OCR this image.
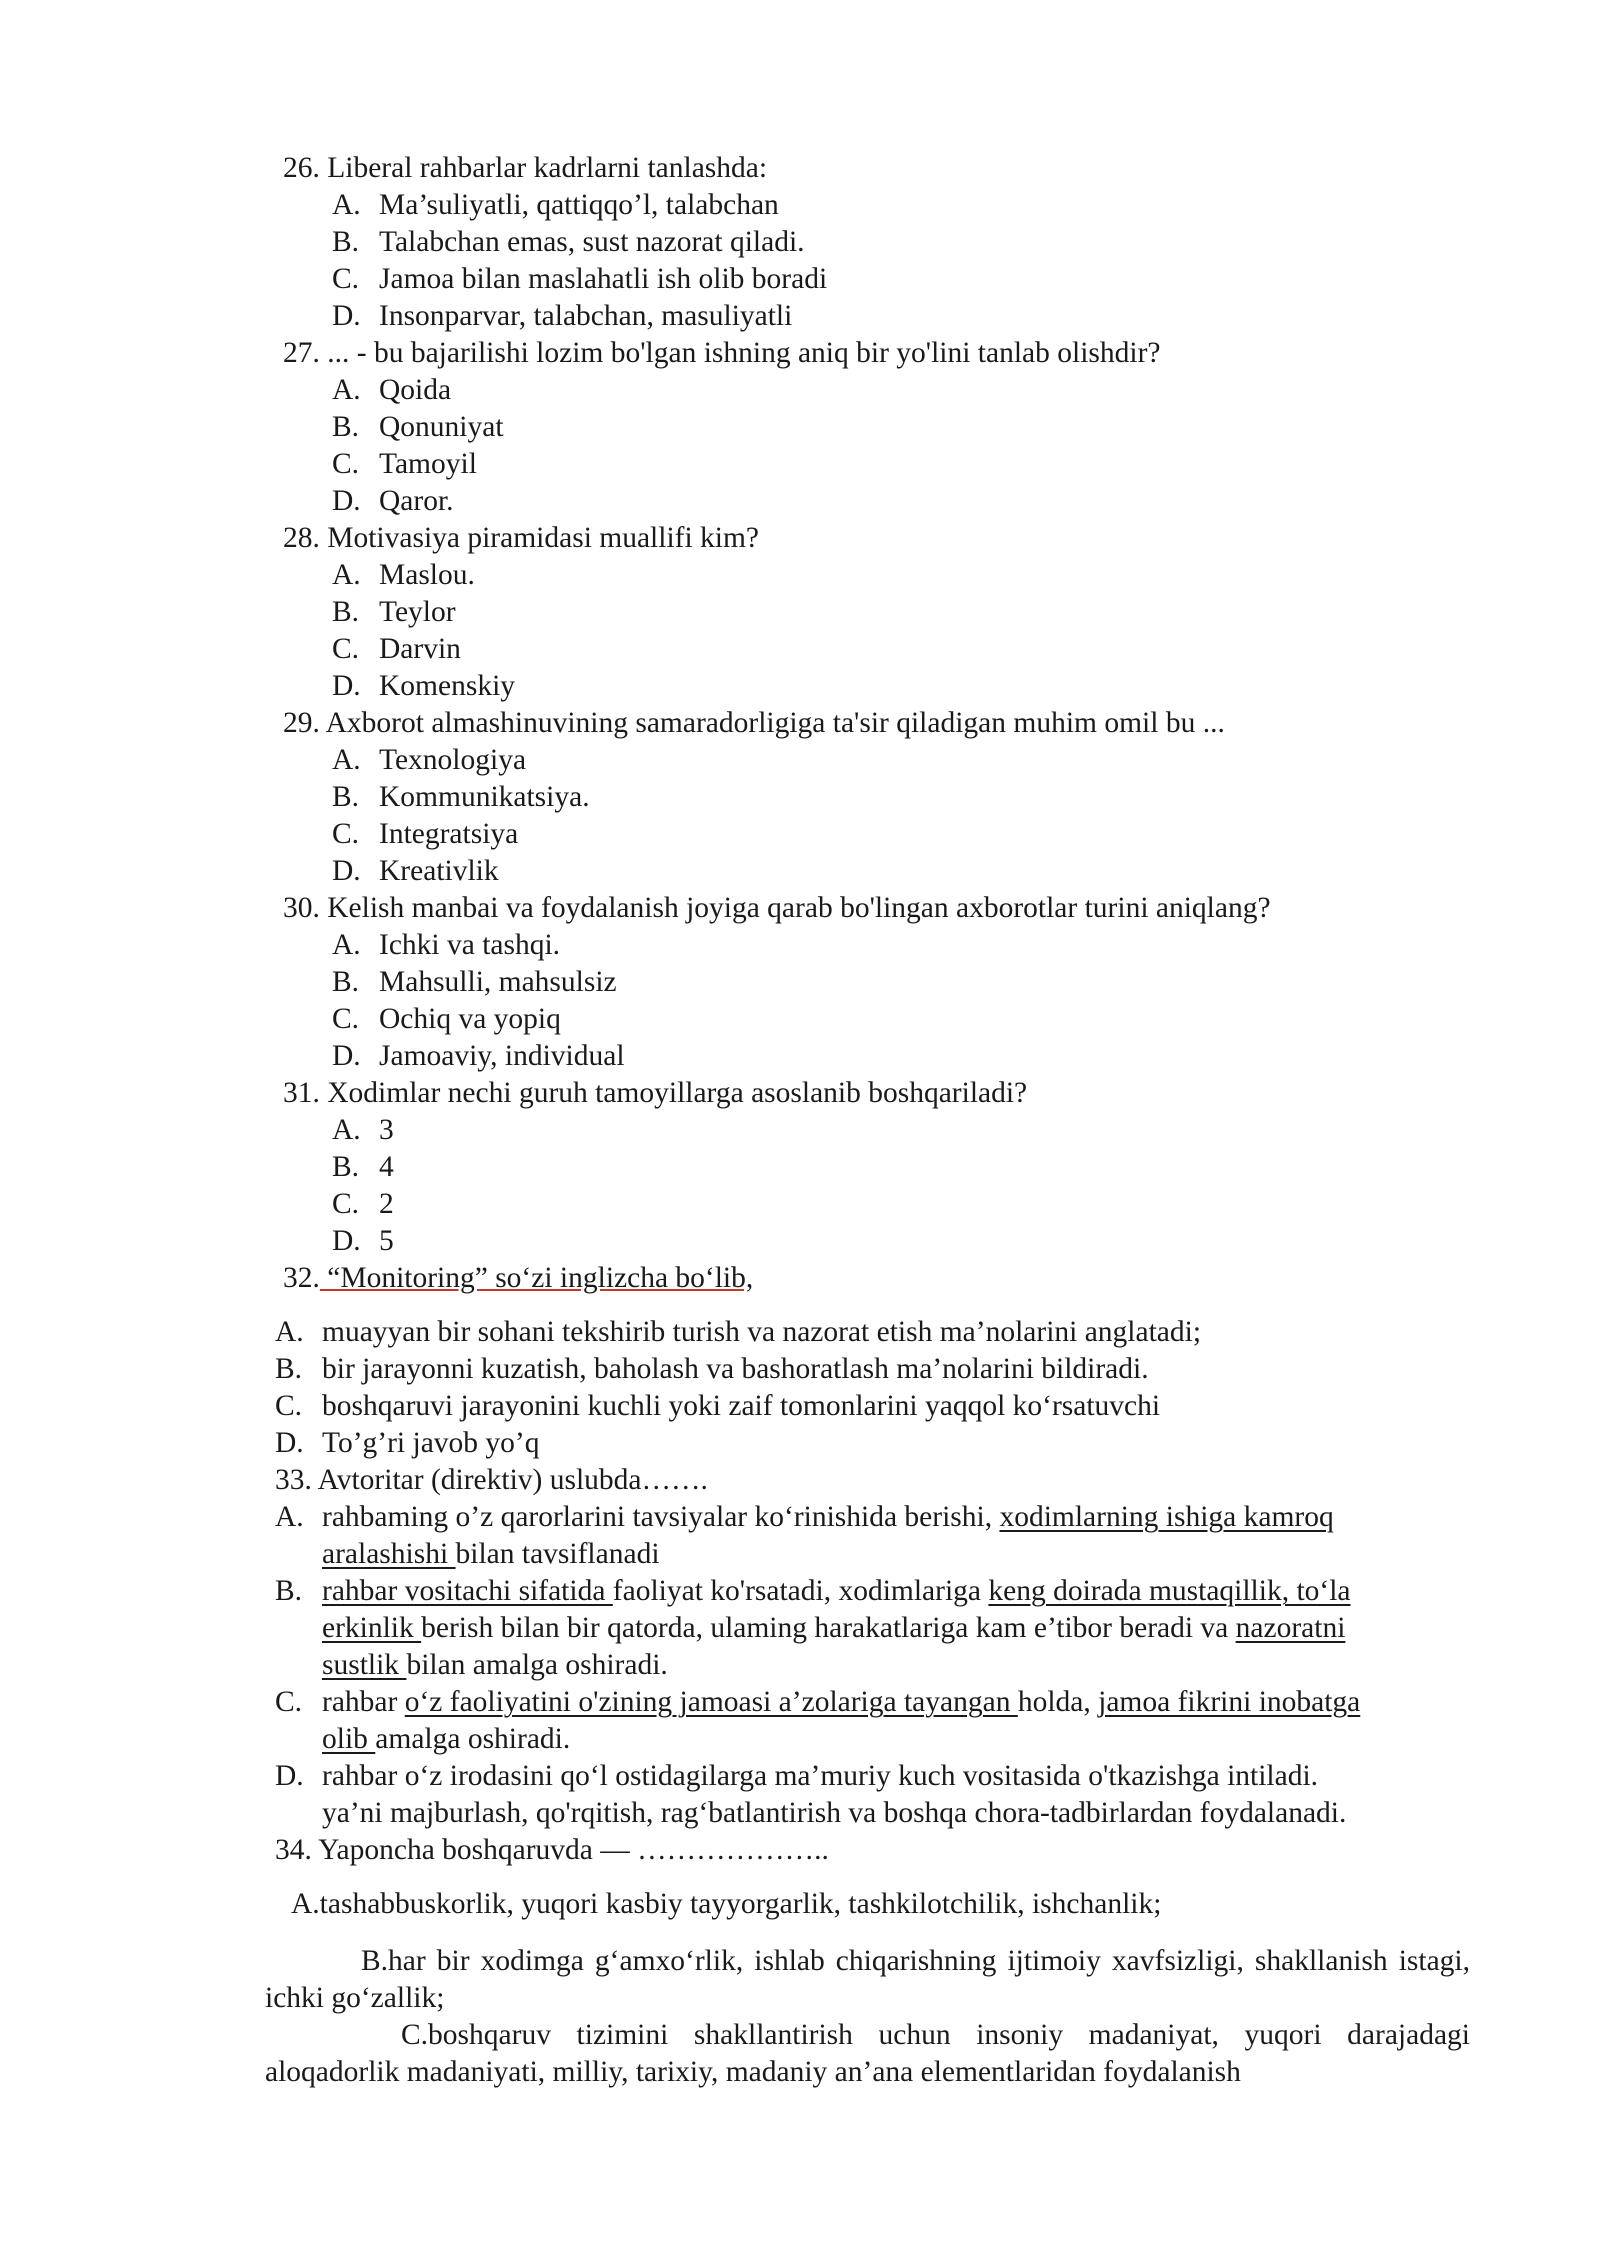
26. Liberal rahbarlar kadrlarni tanlashda:
A. Ma’suliyatli, qattiqqo’l, talabchan
B. Talabchan emas, sust nazorat qiladi.
C. Jamoa bilan maslahatli ish olib boradi
D. Insonparvar, talabchan, masuliyatli
27. ... - bu bajarilishi lozim bo'lgan ishning aniq bir yo'lini tanlab olishdir?
A. Qoida
B. Qonuniyat
C. Tamoyil
D. Qaror.
28. Motivasiya piramidasi muallifi kim?
A. Maslou.
B. Teylor
C. Darvin
D. Komenskiy
29. Axborot almashinuvining samaradorligiga ta'sir qiladigan muhim omil bu ...
A. Texnologiya
B. Kommunikatsiya.
C. Integratsiya
D. Kreativlik
30. Kelish manbai va foydalanish joyiga qarab bo'lingan axborotlar turini aniqlang?
A. Ichki va tashqi.
B. Mahsulli, mahsulsiz
C. Ochiq va yopiq
D. Jamoaviy, individual
31. Xodimlar nechi guruh tamoyillarga asoslanib boshqariladi?
A. 3
B. 4
C. 2
D. 5
32. “Monitoring” so‘zi inglizcha bo‘lib,
A. muayyan bir sohani tekshirib turish va nazorat etish ma’nolarini anglatadi;
B. bir jarayonni kuzatish, baholash va bashoratlash ma’nolarini bildiradi.
C. boshqaruvi jarayonini kuchli yoki zaif tomonlarini yaqqol ko‘rsatuvchi
D. To’g’ri javob yo’q
33. Avtoritar (direktiv) uslubda…….
A. rahbaming o’z qarorlarini tavsiyalar ko‘rinishida berishi, xodimlarning ishiga kamroq
aralashishi bilan tavsiflanadi
B. rahbar vositachi sifatida faoliyat ko'rsatadi, xodimlariga keng doirada mustaqillik, to‘la
erkinlik berish bilan bir qatorda, ulaming harakatlariga kam e’tibor beradi va nazoratni
sustlik bilan amalga oshiradi.
C. rahbar o‘z faoliyatini o'zining jamoasi a’zolariga tayangan holda, jamoa fikrini inobatga
olib amalga oshiradi.
D. rahbar o‘z irodasini qo‘l ostidagilarga ma’muriy kuch vositasida o'tkazishga intiladi.
ya’ni majburlash, qo'rqitish, rag‘batlantirish va boshqa chora-tadbirlardan foydalanadi.
34. Yaponcha boshqaruvda — ………………..
A.tashabbuskorlik, yuqori kasbiy tayyorgarlik, tashkilotchilik, ishchanlik;
B.har bir xodimga g‘amxo‘rlik, ishlab chiqarishning ijtimoiy xavfsizligi, shakllanish istagi, ichki go‘zallik;
C.boshqaruv tizimini shakllantirish uchun insoniy madaniyat, yuqori darajadagi aloqadorlik madaniyati, milliy, tarixiy, madaniy an’ana elementlaridan foydalanish
